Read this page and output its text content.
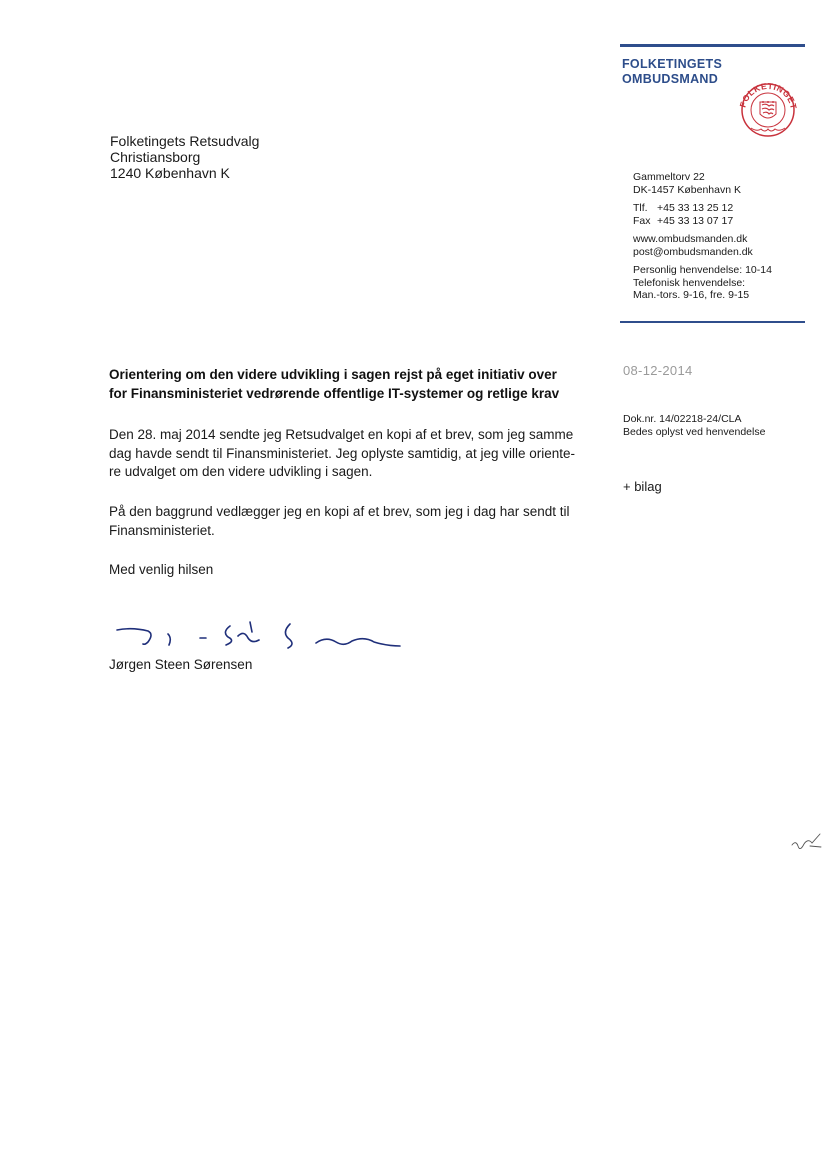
FOLKETINGETS
OMBUDSMAND
FOLKETINGET
Folketingets Retsudvalg
Christiansborg
1240 København K	Gammeltorv 22
DK-1457 København K
Tlf. +45 33 13 25 12
Fax +45 33 13 07 17
www.ombudsmanden.dk
post@ombudsmanden.dk
Personlig henvendelse: 10-14
Telefonisk henvendelse:
Man.-tors. 9-16, fre. 9-15
08-12-2014
Dok.nr. 14/02218-24/CLA
Bedes oplyst ved henvendelse
+ bilag
Orientering om den videre udvikling i sagen rejst på eget initiativ over
for Finansministeriet vedrørende offentlige IT-systemer og retlige krav
Den 28. maj 2014 sendte jeg Retsudvalget en kopi af et brev, som jeg samme
dag havde sendt til Finansministeriet. Jeg oplyste samtidig, at jeg ville oriente-
re udvalget om den videre udvikling i sagen.
På den baggrund vedlægger jeg en kopi af et brev, som jeg i dag har sendt til
Finansministeriet.
Med venlig hilsen
Jørgen Steen Sørensen
